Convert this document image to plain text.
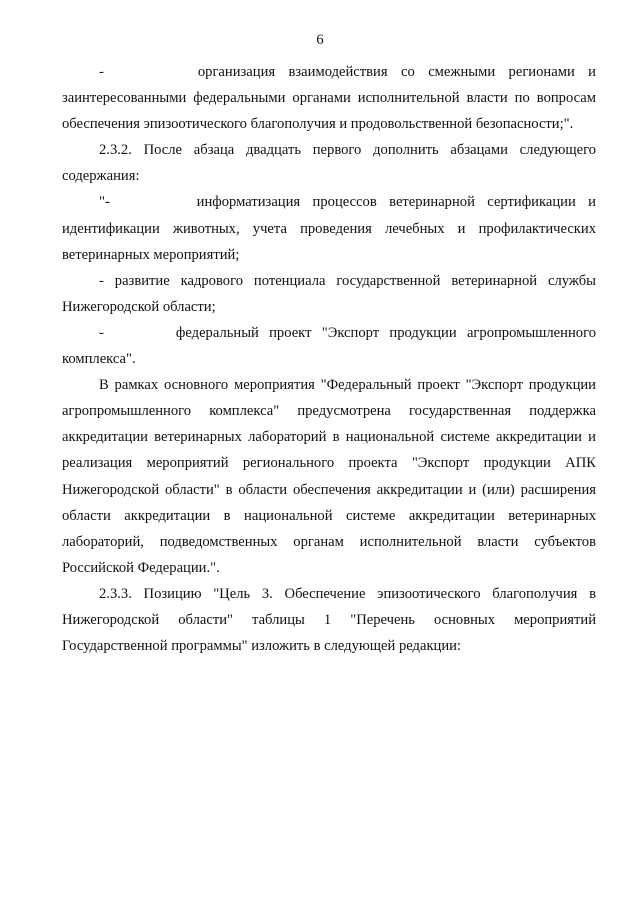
6

-       организация взаимодействия со смежными регионами и заинтересованными федеральными органами исполнительной власти по вопросам обеспечения эпизоотического благополучия и продовольственной безопасности;".

2.3.2. После абзаца двадцать первого дополнить абзацами следующего содержания:

"-       информатизация процессов ветеринарной сертификации и идентификации животных, учета проведения лечебных и профилактических ветеринарных мероприятий;

- развитие кадрового потенциала государственной ветеринарной службы Нижегородской области;

-       федеральный проект "Экспорт продукции агропромышленного комплекса".

В рамках основного мероприятия "Федеральный проект "Экспорт продукции агропромышленного комплекса" предусмотрена государственная поддержка аккредитации ветеринарных лабораторий в национальной системе аккредитации и реализация мероприятий регионального проекта "Экспорт продукции АПК Нижегородской области" в области обеспечения аккредитации и (или) расширения области аккредитации в национальной системе аккредитации ветеринарных лабораторий, подведомственных органам исполнительной власти субъектов Российской Федерации.".

2.3.3. Позицию "Цель 3. Обеспечение эпизоотического благополучия в Нижегородской области" таблицы 1 "Перечень основных мероприятий Государственной программы" изложить в следующей редакции:
